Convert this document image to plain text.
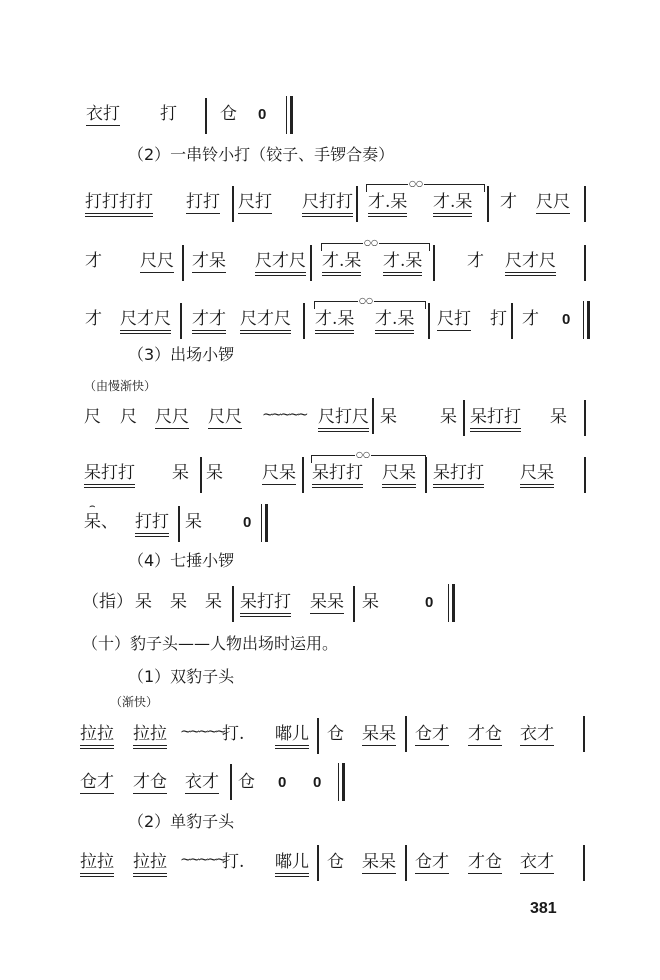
衣打 打	仓 0
（2）一串铃小打（铰子、手锣合奏）
打打打打 打打 尺打 尺打打
○○
才.呆 才.呆 才 尺尺
才 尺尺 才呆 尺才尺
○○
才.呆 才.呆	才 尺才尺
才 尺才尺 才才 尺才尺
○○
才.呆 才.呆 尺打 打 才 0
（3）出场小锣
（由慢渐快）
尺 尺 尺尺 尺尺 ~~~~~ 尺打尺 呆	呆 呆打打 呆
呆打打 呆 呆 尺呆
○○
呆打打 尺呆 呆打打 尺呆
⌢
呆、 打打 呆	0
（4）七捶小锣
（指） 呆 呆 呆 呆打打 呆呆 呆	0
（十）豹子头——人物出场时运用。
（1）双豹子头
（渐快）
拉拉 拉拉 ~~~~~
打. 嘟儿 仓 呆呆 仓才 才仓 衣才
仓才 才仓 衣才 仓 0 0
（2）单豹子头
拉拉 拉拉 ~~~~~
打. 嘟儿 仓 呆呆 仓才 才仓 衣才
381
